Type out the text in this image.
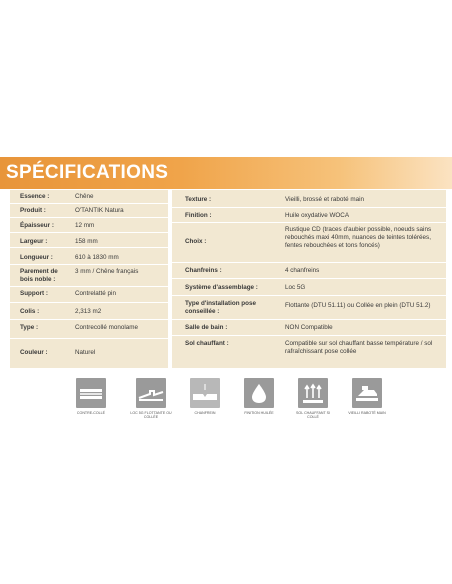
SPÉCIFICATIONS
Essence :	Chêne
Produit :	O'TANTIK Natura
Épaisseur :	12 mm
Largeur :	158 mm
Longueur :	610 à 1830 mm
Parement de bois noble :
3 mm / Chêne français
Support :	Contrelatté pin
Colis :	2,313 m2
Type :	Contrecollé monolame
Couleur :	Naturel
Texture :	Vieilli, brossé et raboté main
Finition :	Huile oxydative WOCA
Choix :
Rustique CD (traces d'aubier possible, noeuds sains rebouchés maxi 40mm, nuances de teintes tolérées, fentes rebouchées et tons foncés)
Chanfreins :	4 chanfreins
Système d'assemblage :	Loc 5G
Type d'installation pose conseillée :
Flottante (DTU 51.11) ou Collée en plein (DTU 51.2)
Salle de bain :	NON Compatible
Sol chauffant :	Compatible sur sol chauffant basse température / sol rafraîchissant pose collée
CONTRE-COLLÉ	LOC 5G FLOTTANTE OU COLLÉE
CHANFREIN	FINITION HUILÉE	SOL CHAUFFANT SI COLLÉ
VIEILLI RABOTÉ MAIN
